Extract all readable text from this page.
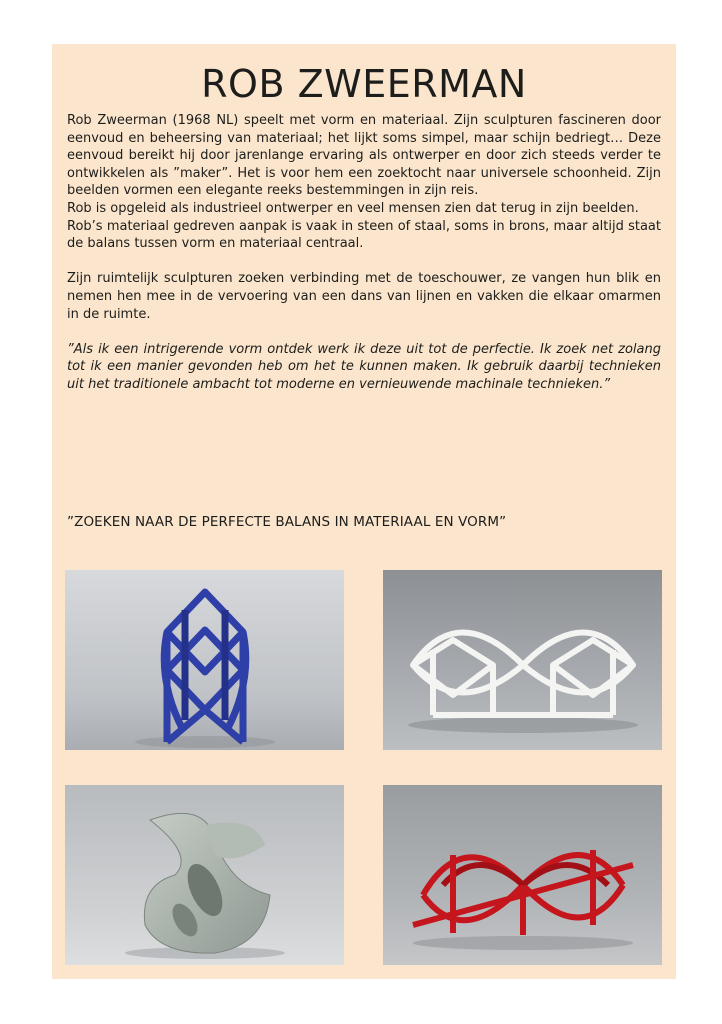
ROB ZWEERMAN

Rob Zweerman (1968 NL) speelt met vorm en materiaal. Zijn sculpturen fascineren door eenvoud en beheersing van materiaal; het lijkt soms simpel, maar schijn bedriegt… Deze eenvoud bereikt hij door jarenlange ervaring als ontwerper en door zich steeds verder te ontwikkelen als ”maker”. Het is voor hem een zoektocht naar universele schoonheid. Zijn beelden vormen een elegante reeks bestemmingen in zijn reis.

Rob is opgeleid als industrieel ontwerper en veel mensen zien dat terug in zijn beelden.

Rob’s materiaal gedreven aanpak is vaak in steen of staal, soms in brons, maar altijd staat de balans tussen vorm en materiaal centraal.

Zijn ruimtelijk sculpturen zoeken verbinding met de toeschouwer, ze vangen hun blik en nemen hen mee in de vervoering van een dans van lijnen en vakken die elkaar omarmen in de ruimte.

”Als ik een intrigerende vorm ontdek werk ik deze uit tot de perfectie. Ik zoek net zolang tot ik een manier gevonden heb om het te kunnen maken. Ik gebruik daarbij technieken uit het traditionele ambacht tot moderne en vernieuwende machinale technieken.”

”ZOEKEN NAAR DE PERFECTE BALANS IN MATERIAAL EN VORM”
